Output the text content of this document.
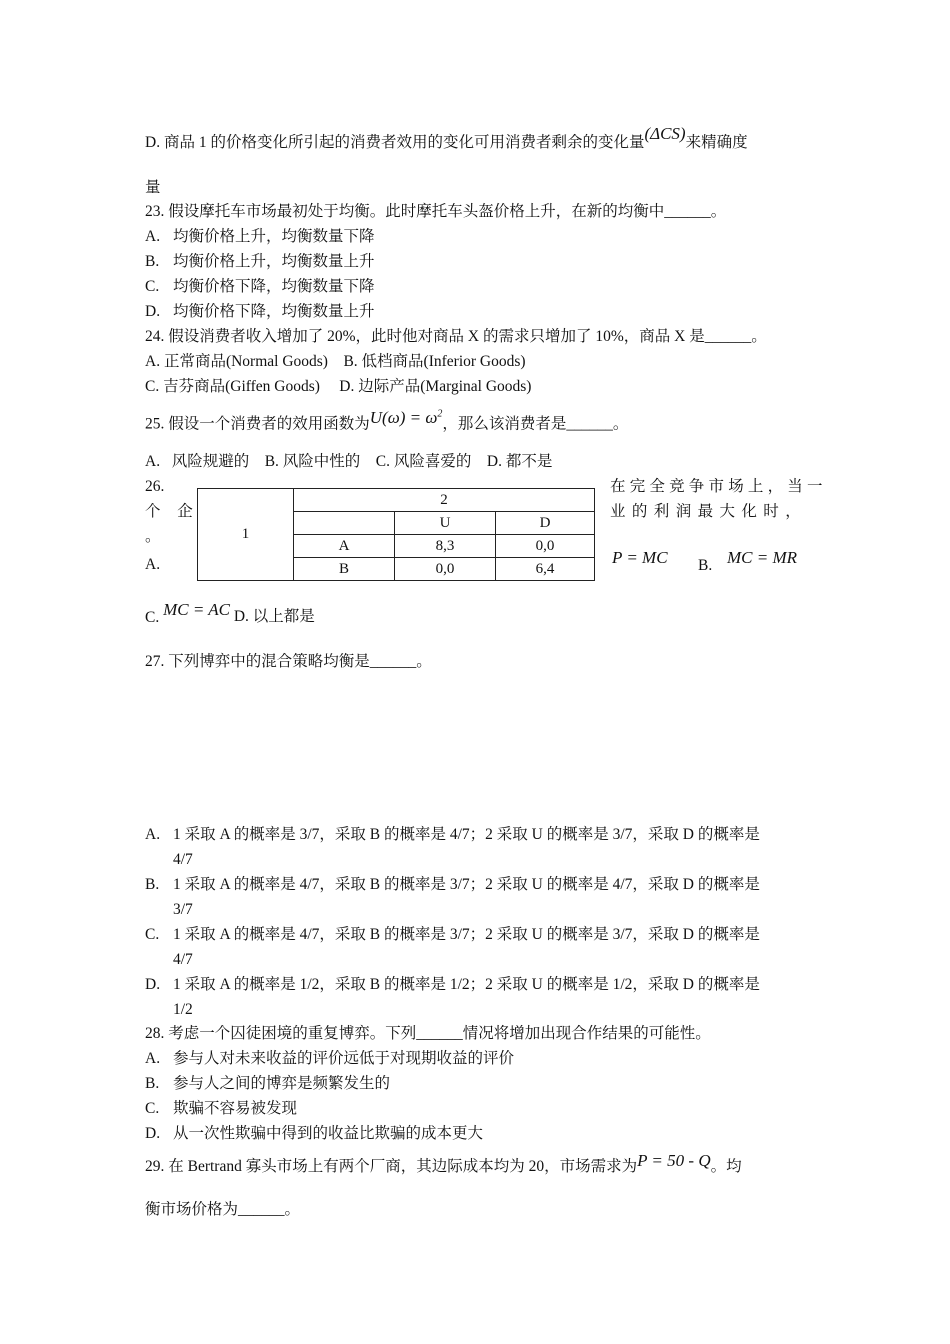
D. 商品 1 的价格变化所引起的消费者效用的变化可用消费者剩余的变化量(ΔCS)来精确度
量
23. 假设摩托车市场最初处于均衡。此时摩托车头盔价格上升，在新的均衡中______。
A. 均衡价格上升，均衡数量下降
B. 均衡价格上升，均衡数量上升
C. 均衡价格下降，均衡数量下降
D. 均衡价格下降，均衡数量上升
24. 假设消费者收入增加了 20%，此时他对商品 X 的需求只增加了 10%，商品 X 是______。
A. 正常商品(Normal Goods)    B. 低档商品(Inferior Goods)
C. 吉芬商品(Giffen Goods)     D. 边际产品(Marginal Goods)
25. 假设一个消费者的效用函数为$U(\omega) = \omega^2$，那么该消费者是______。
A.   风险规避的    B. 风险中性的    C. 风险喜爱的    D. 都不是
26.	在完全竞争市场上，当一
个  企	业的利润最大化时，
。
A.	P = MC B. MC = MR
1	2		
		U	D
	A	8,3	0,0
	B	0,0	6,4
C. MC = AC D. 以上都是
27. 下列博弈中的混合策略均衡是______。
A. 1 采取 A 的概率是 3/7，采取 B 的概率是 4/7；2 采取 U 的概率是 3/7，采取 D 的概率是
4/7
B. 1 采取 A 的概率是 4/7，采取 B 的概率是 3/7；2 采取 U 的概率是 4/7，采取 D 的概率是
3/7
C. 1 采取 A 的概率是 4/7，采取 B 的概率是 3/7；2 采取 U 的概率是 3/7，采取 D 的概率是
4/7
D. 1 采取 A 的概率是 1/2，采取 B 的概率是 1/2；2 采取 U 的概率是 1/2，采取 D 的概率是
1/2
28. 考虑一个囚徒困境的重复博弈。下列______情况将增加出现合作结果的可能性。
A. 参与人对未来收益的评价远低于对现期收益的评价
B. 参与人之间的博弈是频繁发生的
C. 欺骗不容易被发现
D. 从一次性欺骗中得到的收益比欺骗的成本更大
29. 在 Bertrand 寡头市场上有两个厂商，其边际成本均为 20，市场需求为P = 50 - Q。均
衡市场价格为______。
